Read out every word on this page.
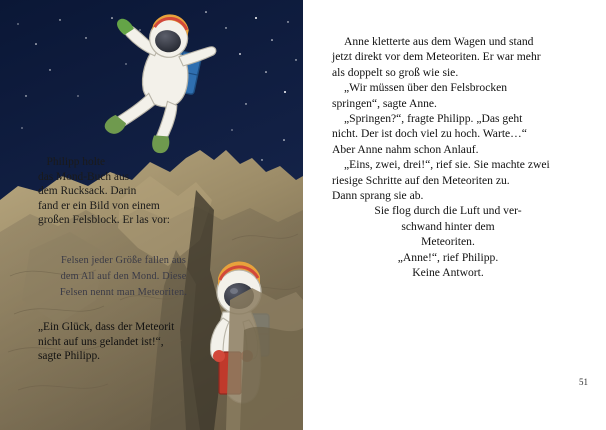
Philipp holte
das Mond-Buch aus
dem Rucksack. Darin
fand er ein Bild von einem
großen Felsblock. Er las vor:
Felsen jeder Größe fallen aus
dem All auf den Mond. Diese
Felsen nennt man Meteoriten.
„Ein Glück, dass der Meteorit
nicht auf uns gelandet ist!“,
sagte Philipp.

Anne kletterte aus dem Wagen und stand
jetzt direkt vor dem Meteoriten. Er war mehr
als doppelt so groß wie sie.

„Wir müssen über den Felsbrocken
springen“, sagte Anne.

„Springen?“, fragte Philipp. „Das geht
nicht. Der ist doch viel zu hoch. Warte…“
Aber Anne nahm schon Anlauf.

„Eins, zwei, drei!“, rief sie. Sie machte zwei
riesige Schritte auf den Meteoriten zu.
Dann sprang sie ab.

Sie flog durch die Luft und ver-
schwand hinter dem
Meteoriten.

„Anne!“, rief Philipp.
Keine Antwort.

51
